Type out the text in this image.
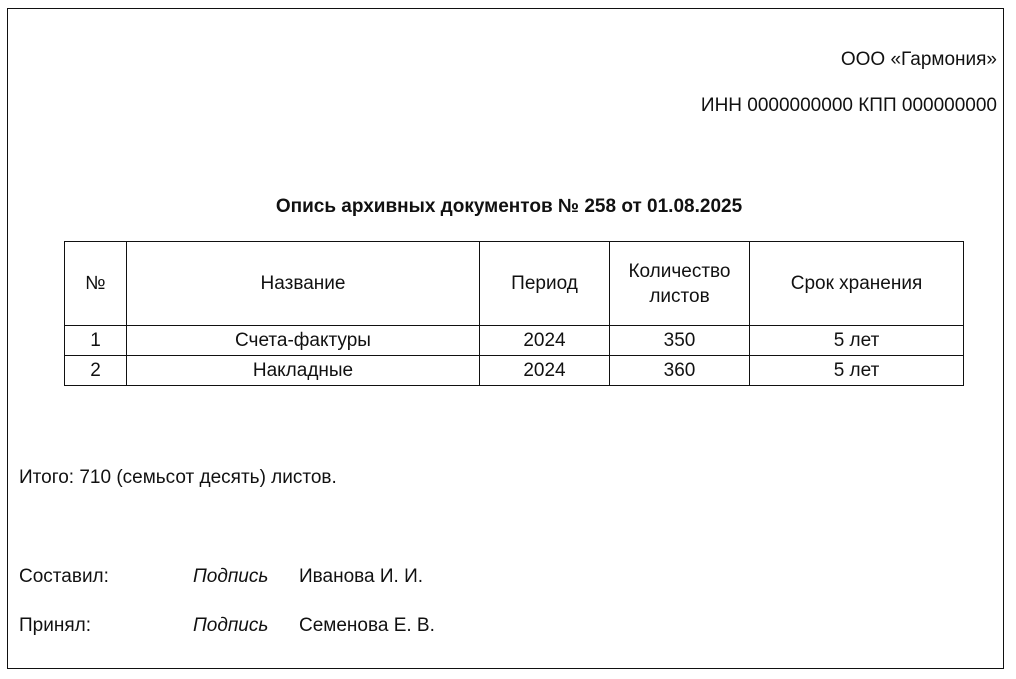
ООО «Гармония»
ИНН 0000000000 КПП 000000000
Опись архивных документов № 258 от 01.08.2025
№	Название	Период	Количество листов	Срок хранения
1	Счета-фактуры	2024	350	5 лет
2	Накладные	2024	360	5 лет
Итого: 710 (семьсот десять) листов.
Составил:	Подпись Иванова И. И.
Принял:	Подпись Семенова Е. В.
